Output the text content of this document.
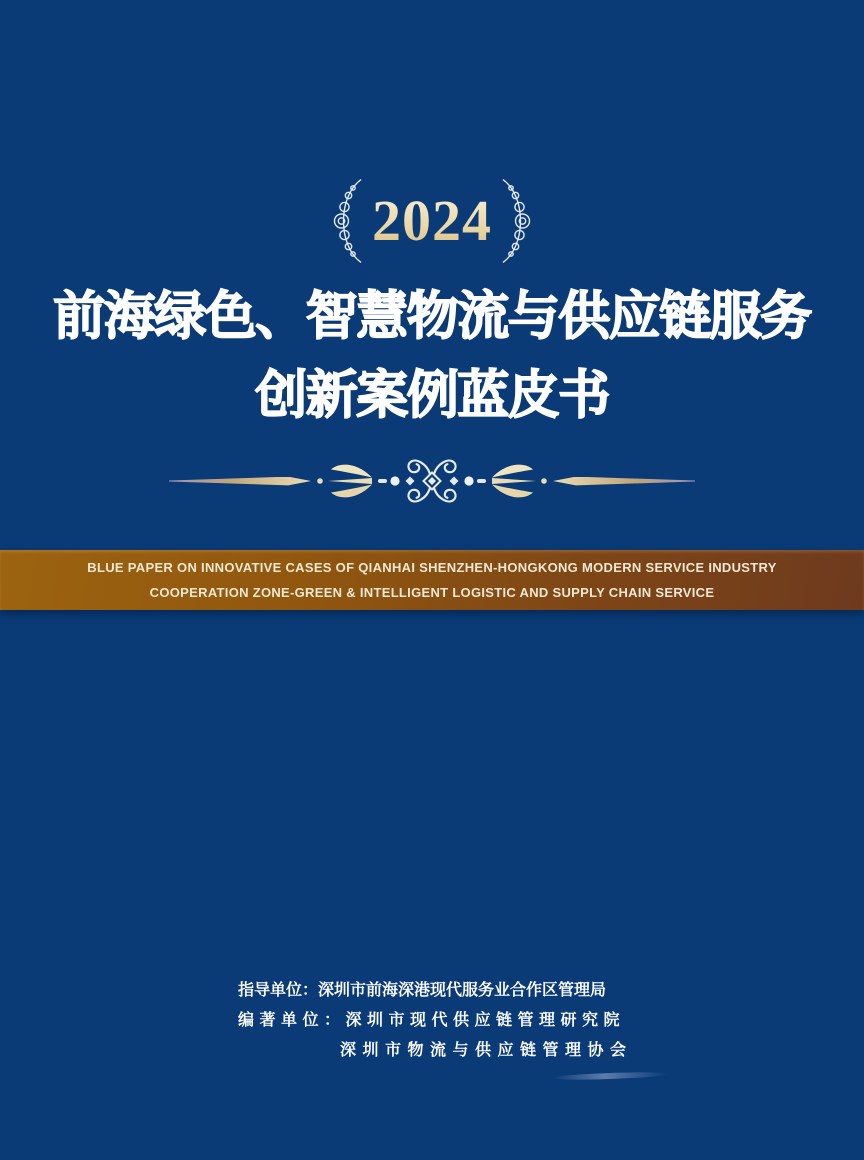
2024
前海绿色、智慧物流与供应链服务
创新案例蓝皮书
BLUE PAPER ON INNOVATIVE CASES OF QIANHAI SHENZHEN-HONGKONG MODERN SERVICE INDUSTRY
COOPERATION ZONE-GREEN & INTELLIGENT LOGISTIC AND SUPPLY CHAIN SERVICE
指导单位：深圳市前海深港现代服务业合作区管理局
编著单位：深圳市现代供应链管理研究院
深圳市物流与供应链管理协会
